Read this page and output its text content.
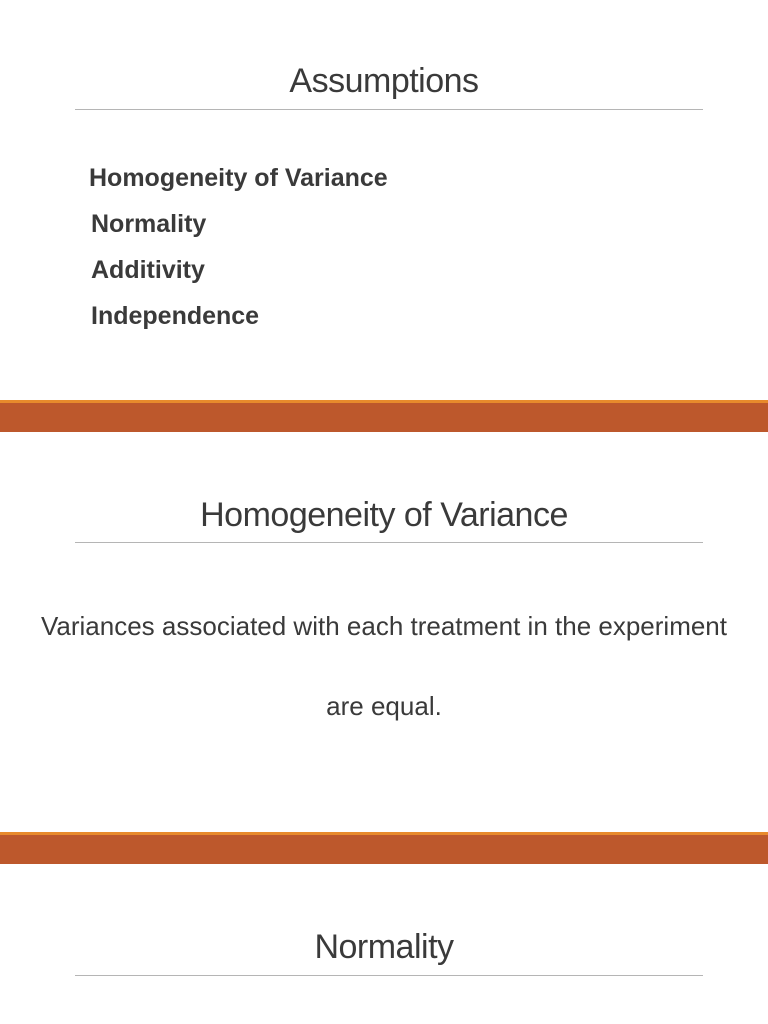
Assumptions
Homogeneity of Variance
Normality
Additivity
Independence
Homogeneity of Variance

Variances associated with each treatment in the experiment

are equal.

Normality
